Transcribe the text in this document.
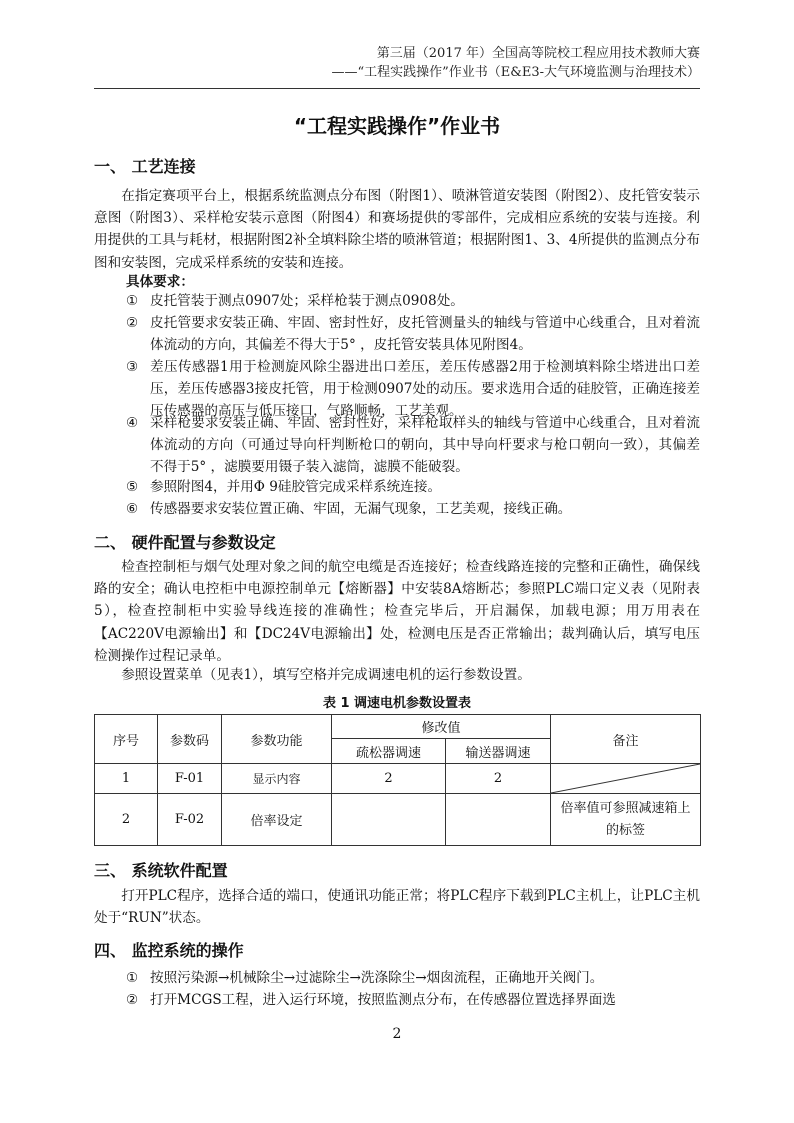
第三届（2017 年）全国高等院校工程应用技术教师大赛
——“工程实践操作”作业书（E&E3-大气环境监测与治理技术）
“工程实践操作”作业书
一、 工艺连接
在指定赛项平台上，根据系统监测点分布图（附图1）、喷淋管道安装图（附图2）、皮托管安装示意图（附图3）、采样枪安装示意图（附图4）和赛场提供的零部件，完成相应系统的安装与连接。利用提供的工具与耗材，根据附图2补全填料除尘塔的喷淋管道；根据附图1、3、4所提供的监测点分布图和安装图，完成采样系统的安装和连接。
具体要求：
① 皮托管装于测点0907处；采样枪装于测点0908处。
② 皮托管要求安装正确、牢固、密封性好，皮托管测量头的轴线与管道中心线重合，且对着流体流动的方向，其偏差不得大于5° ，皮托管安装具体见附图4。
③ 差压传感器1用于检测旋风除尘器进出口差压，差压传感器2用于检测填料除尘塔进出口差压，差压传感器3接皮托管，用于检测0907处的动压。要求选用合适的硅胶管，正确连接差压传感器的高压与低压接口，气路顺畅，工艺美观。
④ 采样枪要求安装正确、牢固、密封性好，采样枪取样头的轴线与管道中心线重合，且对着流体流动的方向（可通过导向杆判断枪口的朝向，其中导向杆要求与枪口朝向一致），其偏差不得于5° ，滤膜要用镊子装入滤筒，滤膜不能破裂。
⑤ 参照附图4，并用Φ 9硅胶管完成采样系统连接。
⑥ 传感器要求安装位置正确、牢固，无漏气现象，工艺美观，接线正确。
二、 硬件配置与参数设定
检查控制柜与烟气处理对象之间的航空电缆是否连接好；检查线路连接的完整和正确性，确保线路的安全；确认电控柜中电源控制单元【熔断器】中安装8A熔断芯；参照PLC端口定义表（见附表5），检查控制柜中实验导线连接的准确性；检查完毕后，开启漏保，加载电源；用万用表在【AC220V电源输出】和【DC24V电源输出】处，检测电压是否正常输出；裁判确认后，填写电压检测操作过程记录单。
参照设置菜单（见表1），填写空格并完成调速电机的运行参数设置。
表 1 调速电机参数设置表
序号	参数码	参数功能	修改值		备注
			疏松器调速	输送器调速	
1	F-01	显示内容	2	2	

2	F-02	倍率设定			倍率值可参照减速箱上的标签
三、 系统软件配置
打开PLC程序，选择合适的端口，使通讯功能正常；将PLC程序下载到PLC主机上，让PLC主机处于“RUN”状态。
四、 监控系统的操作
① 按照污染源→机械除尘→过滤除尘→洗涤除尘→烟囱流程，正确地开关阀门。
② 打开MCGS工程，进入运行环境，按照监测点分布，在传感器位置选择界面选
2
